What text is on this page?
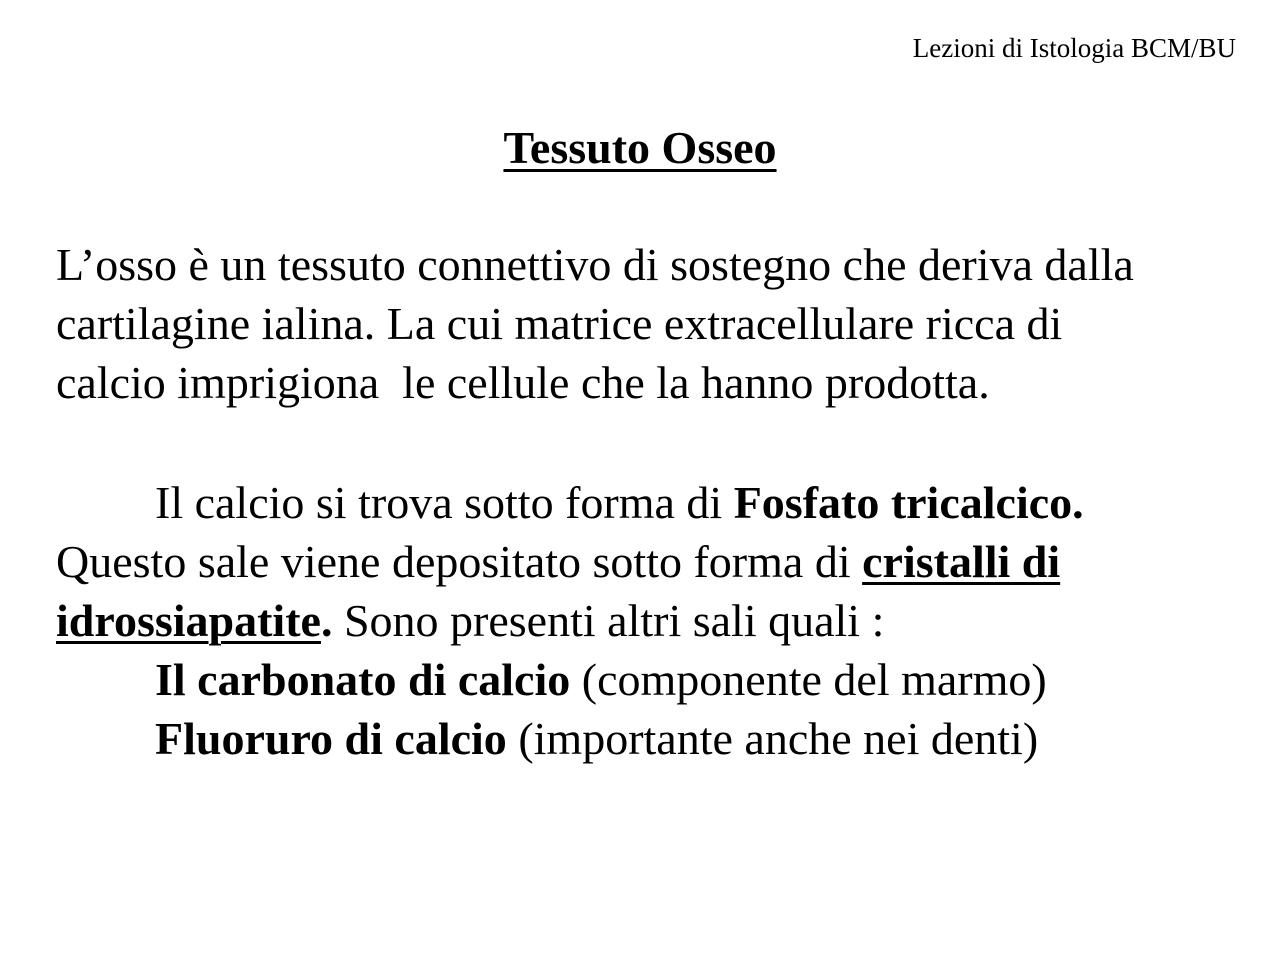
Lezioni di Istologia BCM/BU
Tessuto Osseo
L’osso è un tessuto connettivo di sostegno che deriva dalla
cartilagine ialina. La cui matrice extracellulare ricca di
calcio imprigiona  le cellule che la hanno prodotta.
Il calcio si trova sotto forma di Fosfato tricalcico.
Questo sale viene depositato sotto forma di cristalli di
idrossiapatite. Sono presenti altri sali quali :
Il carbonato di calcio (componente del marmo)
Fluoruro di calcio (importante anche nei denti)
